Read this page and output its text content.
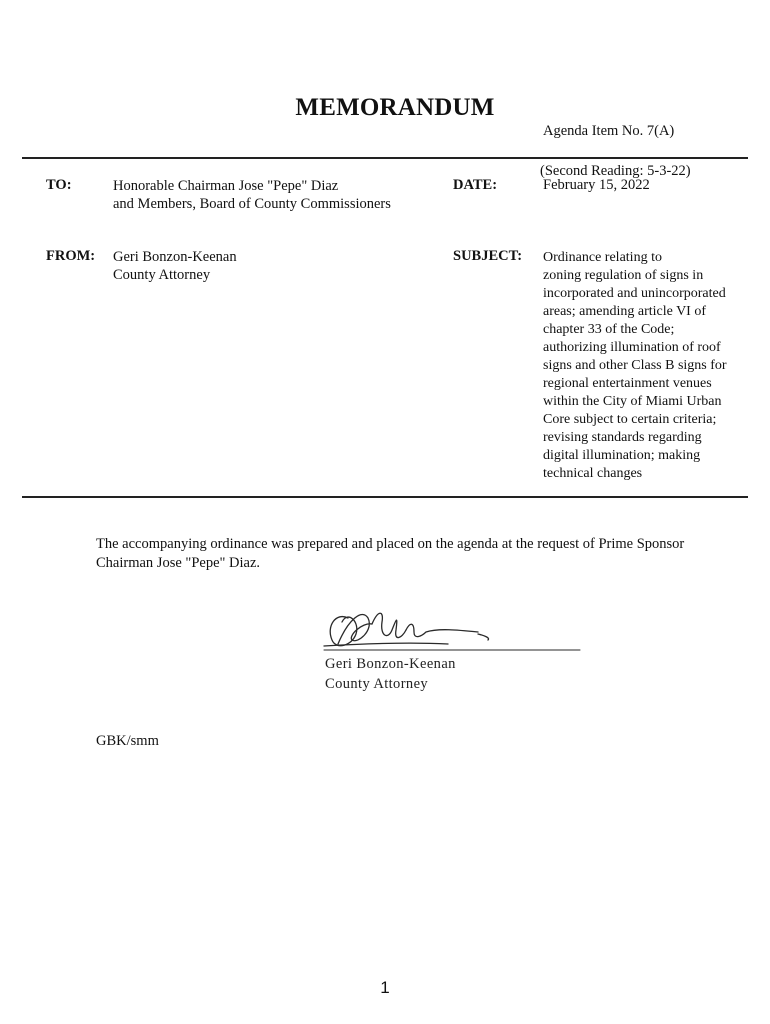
MEMORANDUM
Agenda Item No. 7(A)
(Second Reading: 5-3-22)
TO:	Honorable Chairman Jose "Pepe" Diaz
and Members, Board of County Commissioners
DATE:	February 15, 2022
FROM: Geri Bonzon-Keenan
County Attorney
SUBJECT: Ordinance relating to
zoning regulation of signs in
incorporated and unincorporated
areas; amending article VI of
chapter 33 of the Code;
authorizing illumination of roof
signs and other Class B signs for
regional entertainment venues
within the City of Miami Urban
Core subject to certain criteria;
revising standards regarding
digital illumination; making
technical changes
The accompanying ordinance was prepared and placed on the agenda at the request of Prime Sponsor
Chairman Jose "Pepe" Diaz.
Geri Bonzon-Keenan
County Attorney
GBK/smm
1
